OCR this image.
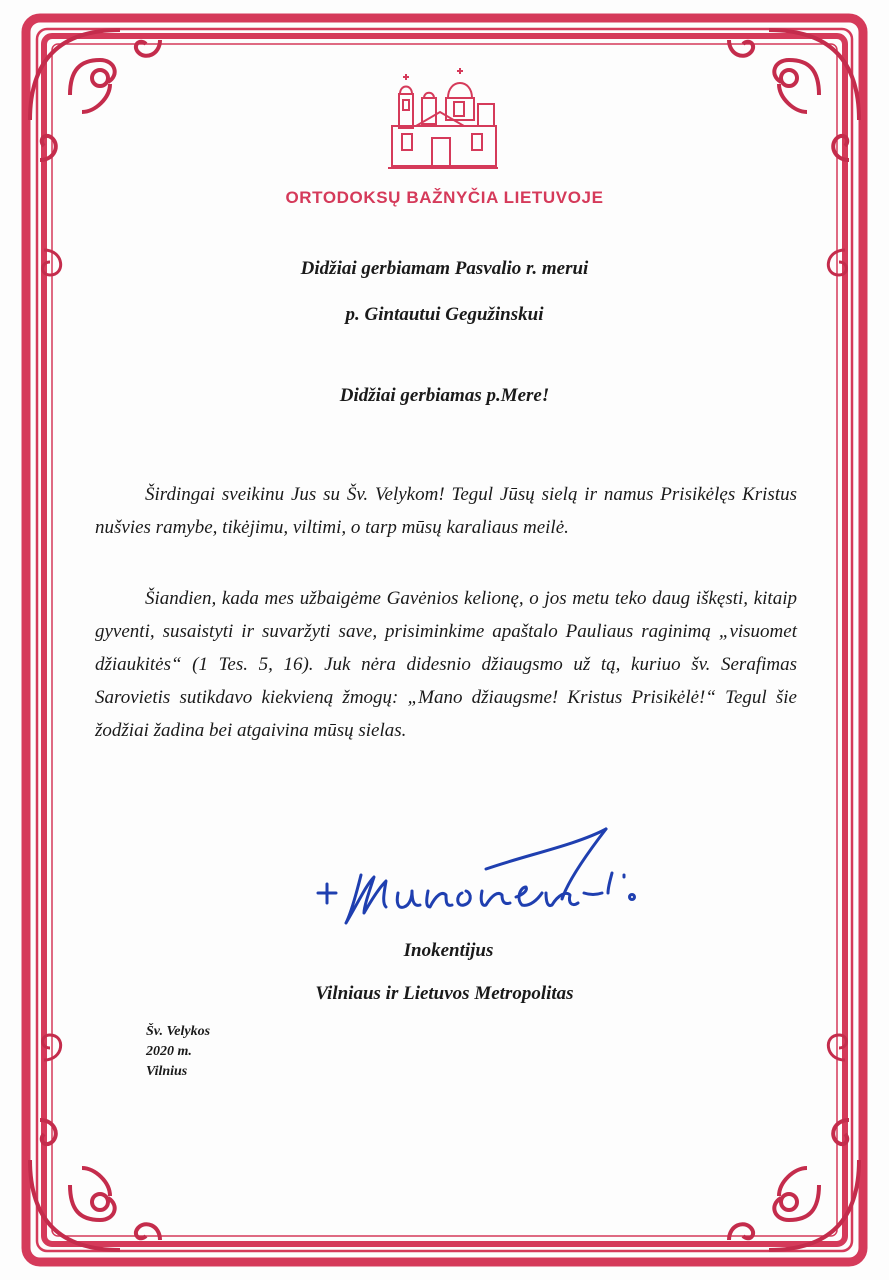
ORTODOKSŲ BAŽNYČIA LIETUVOJE
Didžiai gerbiamam Pasvalio r. merui
p. Gintautui Gegužinskui
Didžiai gerbiamas p.Mere!
Širdingai sveikinu Jus su Šv. Velykom! Tegul Jūsų sielą ir namus Prisikėlęs Kristus nušvies ramybe, tikėjimu, viltimi, o tarp mūsų karaliaus meilė.
Šiandien, kada mes užbaigėme Gavėnios kelionę, o jos metu teko daug iškęsti, kitaip gyventi, susaistyti ir suvaržyti save, prisiminkime apaštalo Pauliaus raginimą „visuomet džiaukitės“ (1 Tes. 5, 16). Juk nėra didesnio džiaugsmo už tą, kuriuo šv. Serafimas Sarovietis sutikdavo kiekvieną žmogų: „Mano džiaugsme! Kristus Prisikėlė!“ Tegul šie žodžiai žadina bei atgaivina mūsų sielas.
Inokentijus
Vilniaus ir Lietuvos Metropolitas
Šv. Velykos
2020 m.
Vilnius
